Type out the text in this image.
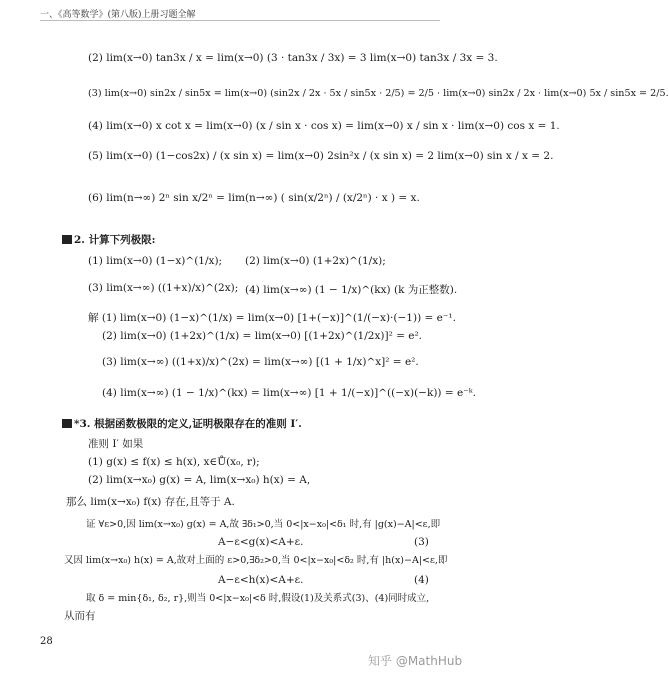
一、《高等数学》(第八版)上册习题全解
(2) lim(x→0) tan3x / x = lim(x→0) (3 · tan3x / 3x) = 3 lim(x→0) tan3x / 3x = 3.
(3) lim(x→0) sin2x / sin5x = lim(x→0) (sin2x / 2x · 5x / sin5x · 2/5) = 2/5 · lim(x→0) sin2x / 2x · lim(x→0) 5x / sin5x = 2/5.
(4) lim(x→0) x cot x = lim(x→0) (x / sin x · cos x) = lim(x→0) x / sin x · lim(x→0) cos x = 1.
(5) lim(x→0) (1−cos2x) / (x sin x) = lim(x→0) 2sin²x / (x sin x) = 2 lim(x→0) sin x / x = 2.
(6) lim(n→∞) 2ⁿ sin x/2ⁿ = lim(n→∞) ( sin(x/2ⁿ) / (x/2ⁿ) · x ) = x.
2. 计算下列极限:
(1) lim(x→0) (1−x)^(1/x); (2) lim(x→0) (1+2x)^(1/x);
(3) lim(x→∞) ((1+x)/x)^(2x); (4) lim(x→∞) (1 − 1/x)^(kx) (k 为正整数).
解 (1) lim(x→0) (1−x)^(1/x) = lim(x→0) [1+(−x)]^(1/(−x)·(−1)) = e⁻¹.
(2) lim(x→0) (1+2x)^(1/x) = lim(x→0) [(1+2x)^(1/2x)]² = e².
(3) lim(x→∞) ((1+x)/x)^(2x) = lim(x→∞) [(1 + 1/x)^x]² = e².
(4) lim(x→∞) (1 − 1/x)^(kx) = lim(x→∞) [1 + 1/(−x)]^((−x)(−k)) = e⁻ᵏ.
*3. 根据函数极限的定义,证明极限存在的准则 I′.
准则 I′ 如果
(1) g(x) ≤ f(x) ≤ h(x), x∈Ů(x₀, r);
(2) lim(x→x₀) g(x) = A, lim(x→x₀) h(x) = A,
那么 lim(x→x₀) f(x) 存在,且等于 A.
证 ∀ε>0,因 lim(x→x₀) g(x) = A,故 ∃δ₁>0,当 0<|x−x₀|<δ₁ 时,有 |g(x)−A|<ε,即
A−ε<g(x)<A+ε.	(3)
又因 lim(x→x₀) h(x) = A,故对上面的 ε>0,∃δ₂>0,当 0<|x−x₀|<δ₂ 时,有 |h(x)−A|<ε,即
A−ε<h(x)<A+ε.	(4)
取 δ = min{δ₁, δ₂, r},则当 0<|x−x₀|<δ 时,假设(1)及关系式(3)、(4)同时成立,
从而有
28
知乎 @MathHub
